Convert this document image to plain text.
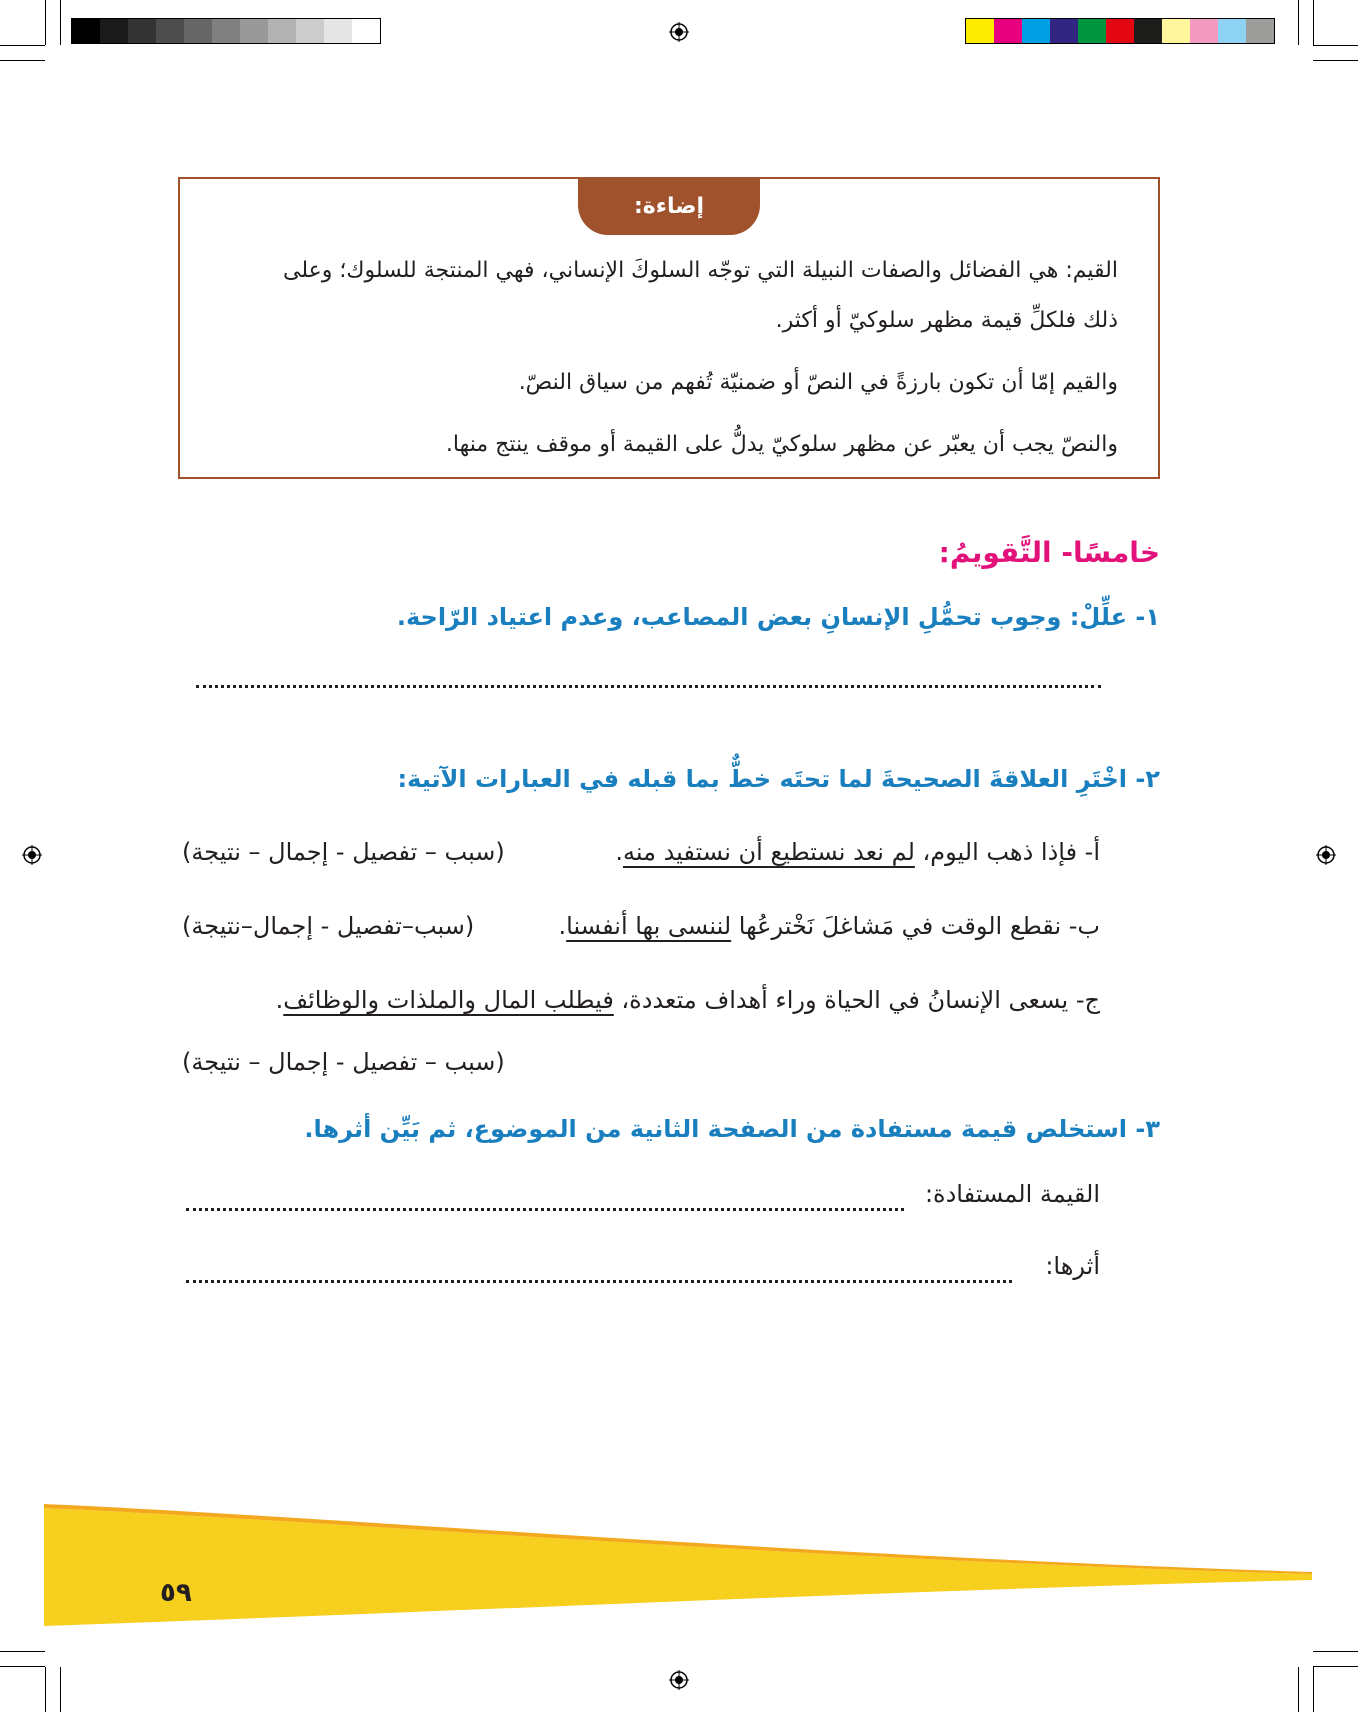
إضاءة:
القيم: هي الفضائل والصفات النبيلة التي توجّه السلوكَ الإنساني، فهي المنتجة للسلوك؛ وعلى
ذلك فلكلِّ قيمة مظهر سلوكيّ أو أكثر.
والقيم إمّا أن تكون بارزةً في النصّ أو ضمنيّة تُفهم من سياق النصّ.
والنصّ يجب أن يعبّر عن مظهر سلوكيّ يدلُّ على القيمة أو موقف ينتج منها.
خامسًا- التَّقويمُ:
١- علِّلْ: وجوب تحمُّلِ الإنسانِ بعض المصاعب، وعدم اعتياد الرّاحة.
٢- اخْتَرِ العلاقةَ الصحيحةَ لما تحتَه خطٌّ بما قبله في العبارات الآتية:
أ- فإذا ذهب اليوم، لم نعد نستطيع أن نستفيد منه.
(سبب – تفصيل - إجمال – نتيجة)
ب- نقطع الوقت في مَشاغلَ نَخْترعُها لننسى بها أنفسنا.
(سبب–تفصيل - إجمال–نتيجة)
ج- يسعى الإنسانُ في الحياة وراء أهداف متعددة، فيطلب المال والملذات والوظائف.
(سبب – تفصيل - إجمال – نتيجة)
٣- استخلص قيمة مستفادة من الصفحة الثانية من الموضوع، ثم بَيِّن أثرها.
القيمة المستفادة:
أثرها:
٥٩
